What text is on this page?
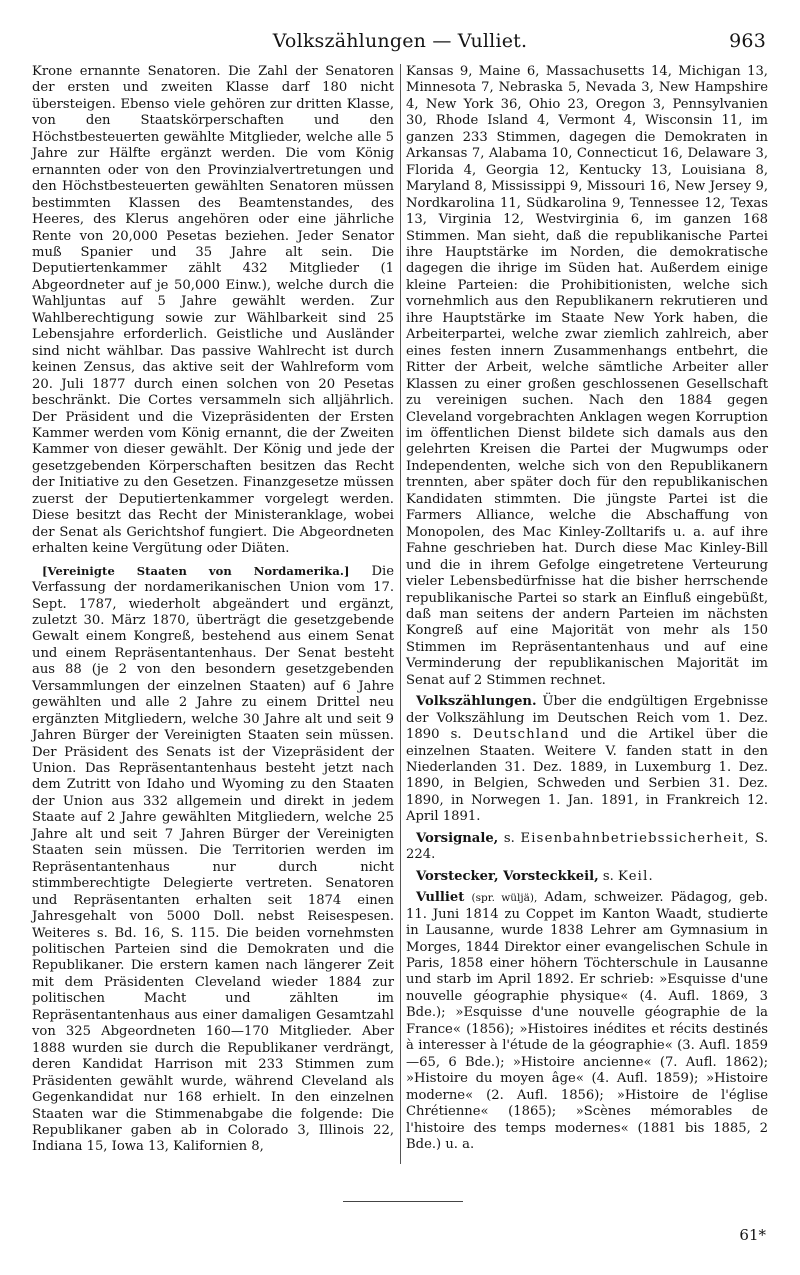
Volkszählungen — Vulliet.	963

Krone ernannte Senatoren. Die Zahl der Senatoren der ersten und zweiten Klasse darf 180 nicht übersteigen. Ebenso viele gehören zur dritten Klasse, von den Staatskörperschaften und den Höchstbesteuerten gewählte Mitglieder, welche alle 5 Jahre zur Hälfte ergänzt werden. Die vom König ernannten oder von den Provinzialvertretungen und den Höchstbesteuerten gewählten Senatoren müssen bestimmten Klassen des Beamtenstandes, des Heeres, des Klerus angehören oder eine jährliche Rente von 20,000 Pesetas beziehen. Jeder Senator muß Spanier und 35 Jahre alt sein. Die Deputiertenkammer zählt 432 Mitglieder (1 Abgeordneter auf je 50,000 Einw.), welche durch die Wahljuntas auf 5 Jahre gewählt werden. Zur Wahlberechtigung sowie zur Wählbarkeit sind 25 Lebensjahre erforderlich. Geistliche und Ausländer sind nicht wählbar. Das passive Wahlrecht ist durch keinen Zensus, das aktive seit der Wahlreform vom 20. Juli 1877 durch einen solchen von 20 Pesetas beschränkt. Die Cortes versammeln sich alljährlich. Der Präsident und die Vizepräsidenten der Ersten Kammer werden vom König ernannt, die der Zweiten Kammer von dieser gewählt. Der König und jede der gesetzgebenden Körperschaften besitzen das Recht der Initiative zu den Gesetzen. Finanzgesetze müssen zuerst der Deputiertenkammer vorgelegt werden. Diese besitzt das Recht der Ministeranklage, wobei der Senat als Gerichtshof fungiert. Die Abgeordneten erhalten keine Vergütung oder Diäten.

[Vereinigte Staaten von Nordamerika.] Die Verfassung der nordamerikanischen Union vom 17. Sept. 1787, wiederholt abgeändert und ergänzt, zuletzt 30. März 1870, überträgt die gesetzgebende Gewalt einem Kongreß, bestehend aus einem Senat und einem Repräsentantenhaus. Der Senat besteht aus 88 (je 2 von den besondern gesetzgebenden Versammlungen der einzelnen Staaten) auf 6 Jahre gewählten und alle 2 Jahre zu einem Drittel neu ergänzten Mitgliedern, welche 30 Jahre alt und seit 9 Jahren Bürger der Vereinigten Staaten sein müssen. Der Präsident des Senats ist der Vizepräsident der Union. Das Repräsentantenhaus besteht jetzt nach dem Zutritt von Idaho und Wyoming zu den Staaten der Union aus 332 allgemein und direkt in jedem Staate auf 2 Jahre gewählten Mitgliedern, welche 25 Jahre alt und seit 7 Jahren Bürger der Vereinigten Staaten sein müssen. Die Territorien werden im Repräsentantenhaus nur durch nicht stimmberechtigte Delegierte vertreten. Senatoren und Repräsentanten erhalten seit 1874 einen Jahresgehalt von 5000 Doll. nebst Reisespesen. Weiteres s. Bd. 16, S. 115. Die beiden vornehmsten politischen Parteien sind die Demokraten und die Republikaner. Die erstern kamen nach längerer Zeit mit dem Präsidenten Cleveland wieder 1884 zur politischen Macht und zählten im Repräsentantenhaus aus einer damaligen Gesamtzahl von 325 Abgeordneten 160—170 Mitglieder. Aber 1888 wurden sie durch die Republikaner verdrängt, deren Kandidat Harrison mit 233 Stimmen zum Präsidenten gewählt wurde, während Cleveland als Gegenkandidat nur 168 erhielt. In den einzelnen Staaten war die Stimmenabgabe die folgende: Die Republikaner gaben ab in Colorado 3, Illinois 22, Indiana 15, Iowa 13, Kalifornien 8,

Kansas 9, Maine 6, Massachusetts 14, Michigan 13, Minnesota 7, Nebraska 5, Nevada 3, New Hampshire 4, New York 36, Ohio 23, Oregon 3, Pennsylvanien 30, Rhode Island 4, Vermont 4, Wisconsin 11, im ganzen 233 Stimmen, dagegen die Demokraten in Arkansas 7, Alabama 10, Connecticut 16, Delaware 3, Florida 4, Georgia 12, Kentucky 13, Louisiana 8, Maryland 8, Mississippi 9, Missouri 16, New Jersey 9, Nordkarolina 11, Südkarolina 9, Tennessee 12, Texas 13, Virginia 12, Westvirginia 6, im ganzen 168 Stimmen. Man sieht, daß die republikanische Partei ihre Hauptstärke im Norden, die demokratische dagegen die ihrige im Süden hat. Außerdem einige kleine Parteien: die Prohibitionisten, welche sich vornehmlich aus den Republikanern rekrutieren und ihre Hauptstärke im Staate New York haben, die Arbeiterpartei, welche zwar ziemlich zahlreich, aber eines festen innern Zusammenhangs entbehrt, die Ritter der Arbeit, welche sämtliche Arbeiter aller Klassen zu einer großen geschlossenen Gesellschaft zu vereinigen suchen. Nach den 1884 gegen Cleveland vorgebrachten Anklagen wegen Korruption im öffentlichen Dienst bildete sich damals aus den gelehrten Kreisen die Partei der Mugwumps oder Independenten, welche sich von den Republikanern trennten, aber später doch für den republikanischen Kandidaten stimmten. Die jüngste Partei ist die Farmers Alliance, welche die Abschaffung von Monopolen, des Mac Kinley-Zolltarifs u. a. auf ihre Fahne geschrieben hat. Durch diese Mac Kinley-Bill und die in ihrem Gefolge eingetretene Verteurung vieler Lebensbedürfnisse hat die bisher herrschende republikanische Partei so stark an Einfluß eingebüßt, daß man seitens der andern Parteien im nächsten Kongreß auf eine Majorität von mehr als 150 Stimmen im Repräsentantenhaus und auf eine Verminderung der republikanischen Majorität im Senat auf 2 Stimmen rechnet.

Volkszählungen. Über die endgültigen Ergebnisse der Volkszählung im Deutschen Reich vom 1. Dez. 1890 s. Deutschland und die Artikel über die einzelnen Staaten. Weitere V. fanden statt in den Niederlanden 31. Dez. 1889, in Luxemburg 1. Dez. 1890, in Belgien, Schweden und Serbien 31. Dez. 1890, in Norwegen 1. Jan. 1891, in Frankreich 12. April 1891.

Vorsignale, s. Eisenbahnbetriebssicherheit, S. 224.

Vorstecker, Vorsteckkeil, s. Keil.

Vulliet (spr. wüljä), Adam, schweizer. Pädagog, geb. 11. Juni 1814 zu Coppet im Kanton Waadt, studierte in Lausanne, wurde 1838 Lehrer am Gymnasium in Morges, 1844 Direktor einer evangelischen Schule in Paris, 1858 einer höhern Töchterschule in Lausanne und starb im April 1892. Er schrieb: »Esquisse d'une nouvelle géographie physique« (4. Aufl. 1869, 3 Bde.); »Esquisse d'une nouvelle géographie de la France« (1856); »Histoires inédites et récits destinés à interesser à l'étude de la géographie« (3. Aufl. 1859—65, 6 Bde.); »Histoire ancienne« (7. Aufl. 1862); »Histoire du moyen âge« (4. Aufl. 1859); »Histoire moderne« (2. Aufl. 1856); »Histoire de l'église Chrétienne« (1865); »Scènes mémorables de l'histoire des temps modernes« (1881 bis 1885, 2 Bde.) u. a.

61*
